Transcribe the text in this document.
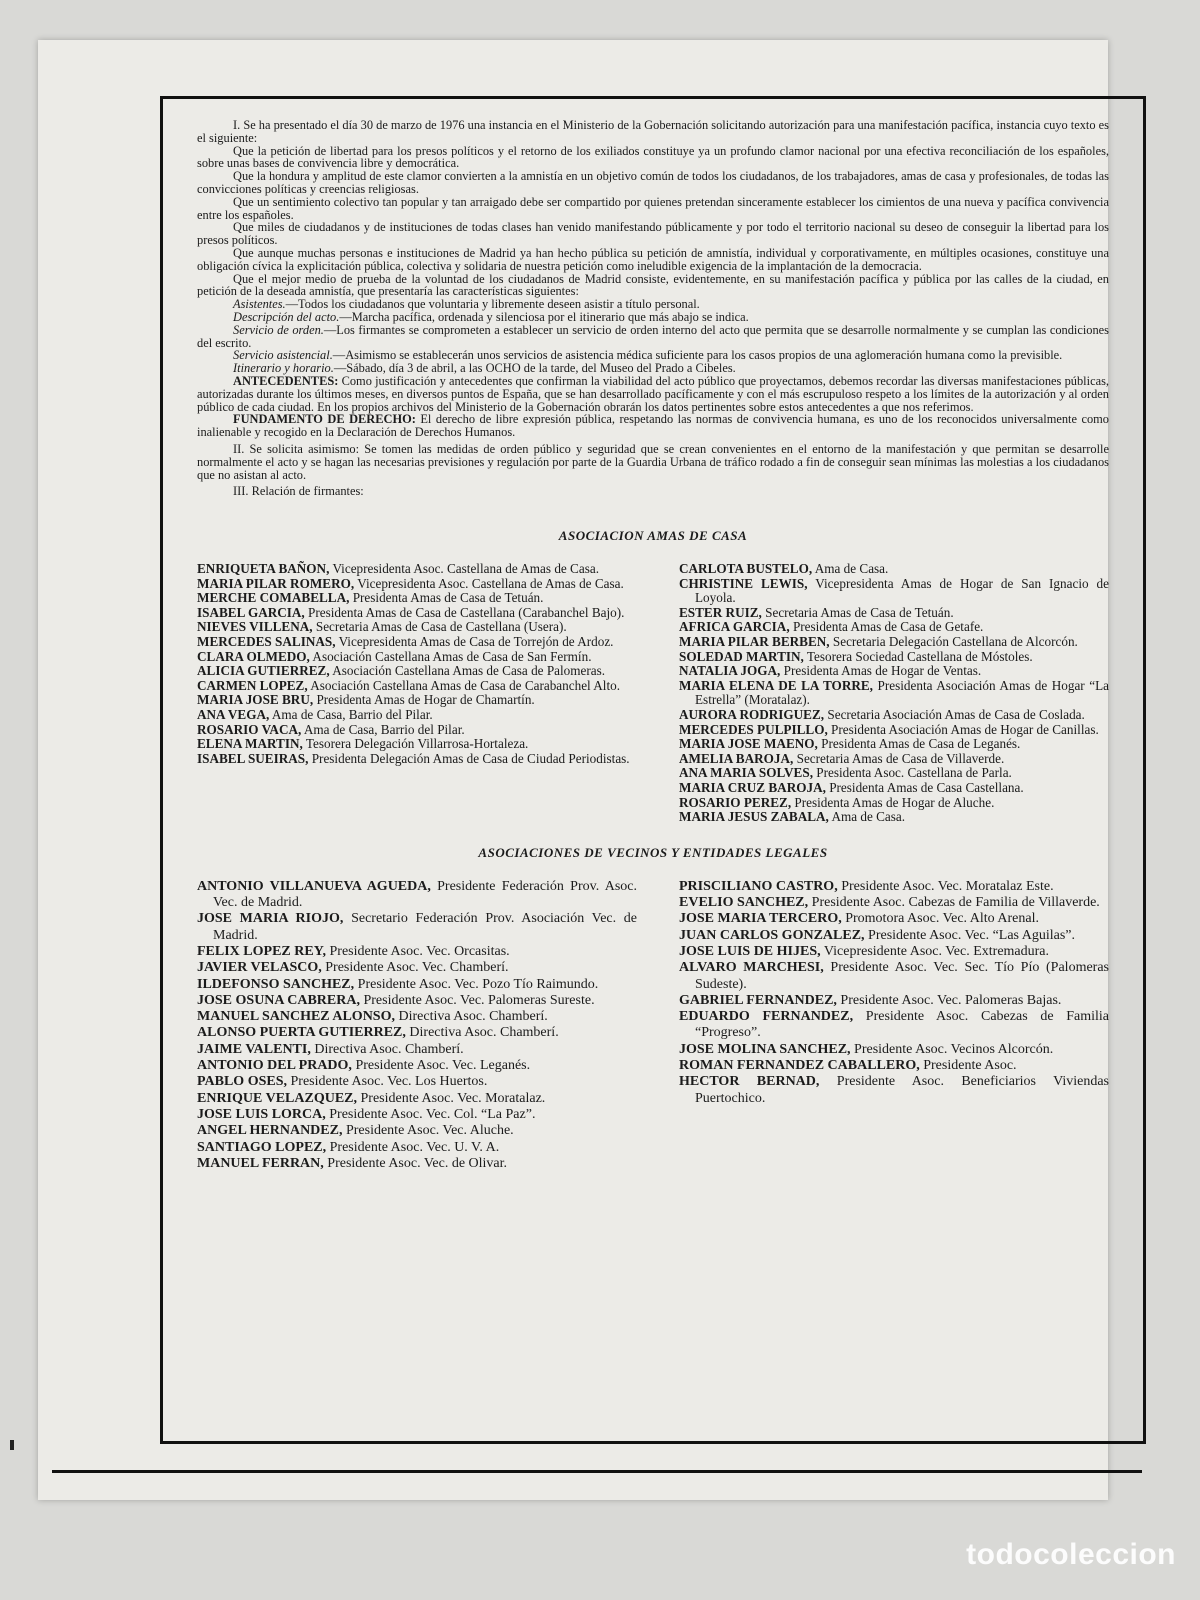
I. Se ha presentado el día 30 de marzo de 1976 una instancia en el Ministerio de la Gobernación solicitando autorización para una manifestación pacífica, instancia cuyo texto es el siguiente:

Que la petición de libertad para los presos políticos y el retorno de los exiliados constituye ya un profundo clamor nacional por una efectiva reconciliación de los españoles, sobre unas bases de convivencia libre y democrática.

Que la hondura y amplitud de este clamor convierten a la amnistía en un objetivo común de todos los ciudadanos, de los trabajadores, amas de casa y profesionales, de todas las convicciones políticas y creencias religiosas.

Que un sentimiento colectivo tan popular y tan arraigado debe ser compartido por quienes pretendan sinceramente establecer los cimientos de una nueva y pacífica convivencia entre los españoles.

Que miles de ciudadanos y de instituciones de todas clases han venido manifestando públicamente y por todo el territorio nacional su deseo de conseguir la libertad para los presos políticos.

Que aunque muchas personas e instituciones de Madrid ya han hecho pública su petición de amnistía, individual y corporativamente, en múltiples ocasiones, constituye una obligación cívica la explicitación pública, colectiva y solidaria de nuestra petición como ineludible exigencia de la implantación de la democracia.

Que el mejor medio de prueba de la voluntad de los ciudadanos de Madrid consiste, evidentemente, en su manifestación pacífica y pública por las calles de la ciudad, en petición de la deseada amnistía, que presentaría las características siguientes:

Asistentes.—Todos los ciudadanos que voluntaria y libremente deseen asistir a título personal.

Descripción del acto.—Marcha pacífica, ordenada y silenciosa por el itinerario que más abajo se indica.

Servicio de orden.—Los firmantes se comprometen a establecer un servicio de orden interno del acto que permita que se desarrolle normalmente y se cumplan las condiciones del escrito.

Servicio asistencial.—Asimismo se establecerán unos servicios de asistencia médica suficiente para los casos propios de una aglomeración humana como la previsible.

Itinerario y horario.—Sábado, día 3 de abril, a las OCHO de la tarde, del Museo del Prado a Cibeles.

ANTECEDENTES: Como justificación y antecedentes que confirman la viabilidad del acto público que proyectamos, debemos recordar las diversas manifestaciones públicas, autorizadas durante los últimos meses, en diversos puntos de España, que se han desarrollado pacíficamente y con el más escrupuloso respeto a los límites de la autorización y al orden público de cada ciudad. En los propios archivos del Ministerio de la Gobernación obrarán los datos pertinentes sobre estos antecedentes a que nos referimos.

FUNDAMENTO DE DERECHO: El derecho de libre expresión pública, respetando las normas de convivencia humana, es uno de los reconocidos universalmente como inalienable y recogido en la Declaración de Derechos Humanos.

II. Se solicita asimismo: Se tomen las medidas de orden público y seguridad que se crean convenientes en el entorno de la manifestación y que permitan se desarrolle normalmente el acto y se hagan las necesarias previsiones y regulación por parte de la Guardia Urbana de tráfico rodado a fin de conseguir sean mínimas las molestias a los ciudadanos que no asistan al acto.

III. Relación de firmantes:

ASOCIACION AMAS DE CASA

ENRIQUETA BAÑON, Vicepresidenta Asoc. Castellana de Amas de Casa.

MARIA PILAR ROMERO, Vicepresidenta Asoc. Castellana de Amas de Casa.

MERCHE COMABELLA, Presidenta Amas de Casa de Tetuán.

ISABEL GARCIA, Presidenta Amas de Casa de Castellana (Carabanchel Bajo).

NIEVES VILLENA, Secretaria Amas de Casa de Castellana (Usera).

MERCEDES SALINAS, Vicepresidenta Amas de Casa de Torrejón de Ardoz.

CLARA OLMEDO, Asociación Castellana Amas de Casa de San Fermín.

ALICIA GUTIERREZ, Asociación Castellana Amas de Casa de Palomeras.

CARMEN LOPEZ, Asociación Castellana Amas de Casa de Carabanchel Alto.

MARIA JOSE BRU, Presidenta Amas de Hogar de Chamartín.

ANA VEGA, Ama de Casa, Barrio del Pilar.

ROSARIO VACA, Ama de Casa, Barrio del Pilar.

ELENA MARTIN, Tesorera Delegación Villarrosa-Hortaleza.

ISABEL SUEIRAS, Presidenta Delegación Amas de Casa de Ciudad Periodistas.

CARLOTA BUSTELO, Ama de Casa.

CHRISTINE LEWIS, Vicepresidenta Amas de Hogar de San Ignacio de Loyola.

ESTER RUIZ, Secretaria Amas de Casa de Tetuán.

AFRICA GARCIA, Presidenta Amas de Casa de Getafe.

MARIA PILAR BERBEN, Secretaria Delegación Castellana de Alcorcón.

SOLEDAD MARTIN, Tesorera Sociedad Castellana de Móstoles.

NATALIA JOGA, Presidenta Amas de Hogar de Ventas.

MARIA ELENA DE LA TORRE, Presidenta Asociación Amas de Hogar “La Estrella” (Moratalaz).

AURORA RODRIGUEZ, Secretaria Asociación Amas de Casa de Coslada.

MERCEDES PULPILLO, Presidenta Asociación Amas de Hogar de Canillas.

MARIA JOSE MAENO, Presidenta Amas de Casa de Leganés.

AMELIA BAROJA, Secretaria Amas de Casa de Villaverde.

ANA MARIA SOLVES, Presidenta Asoc. Castellana de Parla.

MARIA CRUZ BAROJA, Presidenta Amas de Casa Castellana.

ROSARIO PEREZ, Presidenta Amas de Hogar de Aluche.

MARIA JESUS ZABALA, Ama de Casa.

ASOCIACIONES DE VECINOS Y ENTIDADES LEGALES

ANTONIO VILLANUEVA AGUEDA, Presidente Federación Prov. Asoc. Vec. de Madrid.

JOSE MARIA RIOJO, Secretario Federación Prov. Asociación Vec. de Madrid.

FELIX LOPEZ REY, Presidente Asoc. Vec. Orcasitas.

JAVIER VELASCO, Presidente Asoc. Vec. Chamberí.

ILDEFONSO SANCHEZ, Presidente Asoc. Vec. Pozo Tío Raimundo.

JOSE OSUNA CABRERA, Presidente Asoc. Vec. Palomeras Sureste.

MANUEL SANCHEZ ALONSO, Directiva Asoc. Chamberí.

ALONSO PUERTA GUTIERREZ, Directiva Asoc. Chamberí.

JAIME VALENTI, Directiva Asoc. Chamberí.

ANTONIO DEL PRADO, Presidente Asoc. Vec. Leganés.

PABLO OSES, Presidente Asoc. Vec. Los Huertos.

ENRIQUE VELAZQUEZ, Presidente Asoc. Vec. Moratalaz.

JOSE LUIS LORCA, Presidente Asoc. Vec. Col. “La Paz”.

ANGEL HERNANDEZ, Presidente Asoc. Vec. Aluche.

SANTIAGO LOPEZ, Presidente Asoc. Vec. U. V. A.

MANUEL FERRAN, Presidente Asoc. Vec. de Olivar.

PRISCILIANO CASTRO, Presidente Asoc. Vec. Moratalaz Este.

EVELIO SANCHEZ, Presidente Asoc. Cabezas de Familia de Villaverde.

JOSE MARIA TERCERO, Promotora Asoc. Vec. Alto Arenal.

JUAN CARLOS GONZALEZ, Presidente Asoc. Vec. “Las Aguilas”.

JOSE LUIS DE HIJES, Vicepresidente Asoc. Vec. Extremadura.

ALVARO MARCHESI, Presidente Asoc. Vec. Sec. Tío Pío (Palomeras Sudeste).

GABRIEL FERNANDEZ, Presidente Asoc. Vec. Palomeras Bajas.

EDUARDO FERNANDEZ, Presidente Asoc. Cabezas de Familia “Progreso”.

JOSE MOLINA SANCHEZ, Presidente Asoc. Vecinos Alcorcón.

ROMAN FERNANDEZ CABALLERO, Presidente Asoc.

HECTOR BERNAD, Presidente Asoc. Beneficiarios Viviendas Puertochico.

todocoleccion
